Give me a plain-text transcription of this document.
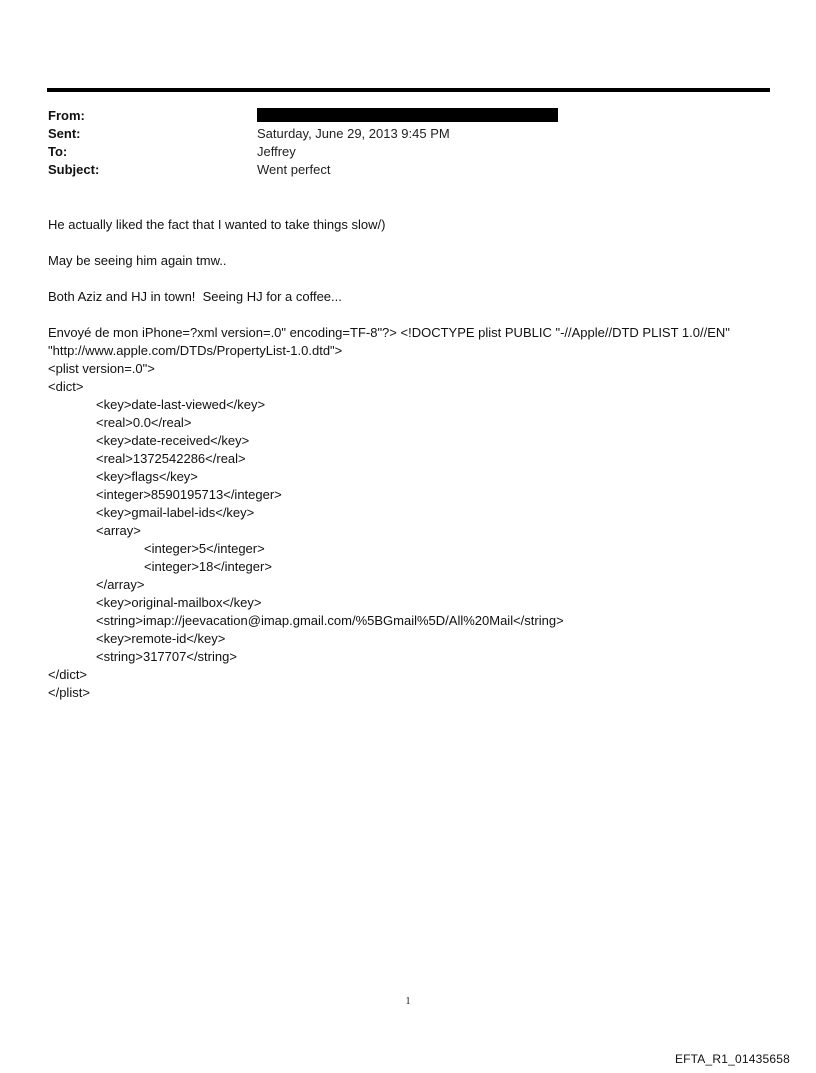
From:
Sent:	Saturday, June 29, 2013 9:45 PM
To:	Jeffrey
Subject:	Went perfect

He actually liked the fact that I wanted to take things slow/)

May be seeing him again tmw..

Both Aziz and HJ in town!  Seeing HJ for a coffee...

Envoyé de mon iPhone=?xml version=.0" encoding=TF-8"?> <!DOCTYPE plist PUBLIC "-//Apple//DTD PLIST 1.0//EN"

"http://www.apple.com/DTDs/PropertyList-1.0.dtd">

<plist version=.0">

<dict>

<key>date-last-viewed</key>

<real>0.0</real>

<key>date-received</key>

<real>1372542286</real>

<key>flags</key>

<integer>8590195713</integer>

<key>gmail-label-ids</key>

<array>

<integer>5</integer>

<integer>18</integer>

</array>

<key>original-mailbox</key>

<string>imap://jeevacation@imap.gmail.com/%5BGmail%5D/All%20Mail</string>

<key>remote-id</key>

<string>317707</string>

</dict>

</plist>

1
EFTA_R1_01435658
